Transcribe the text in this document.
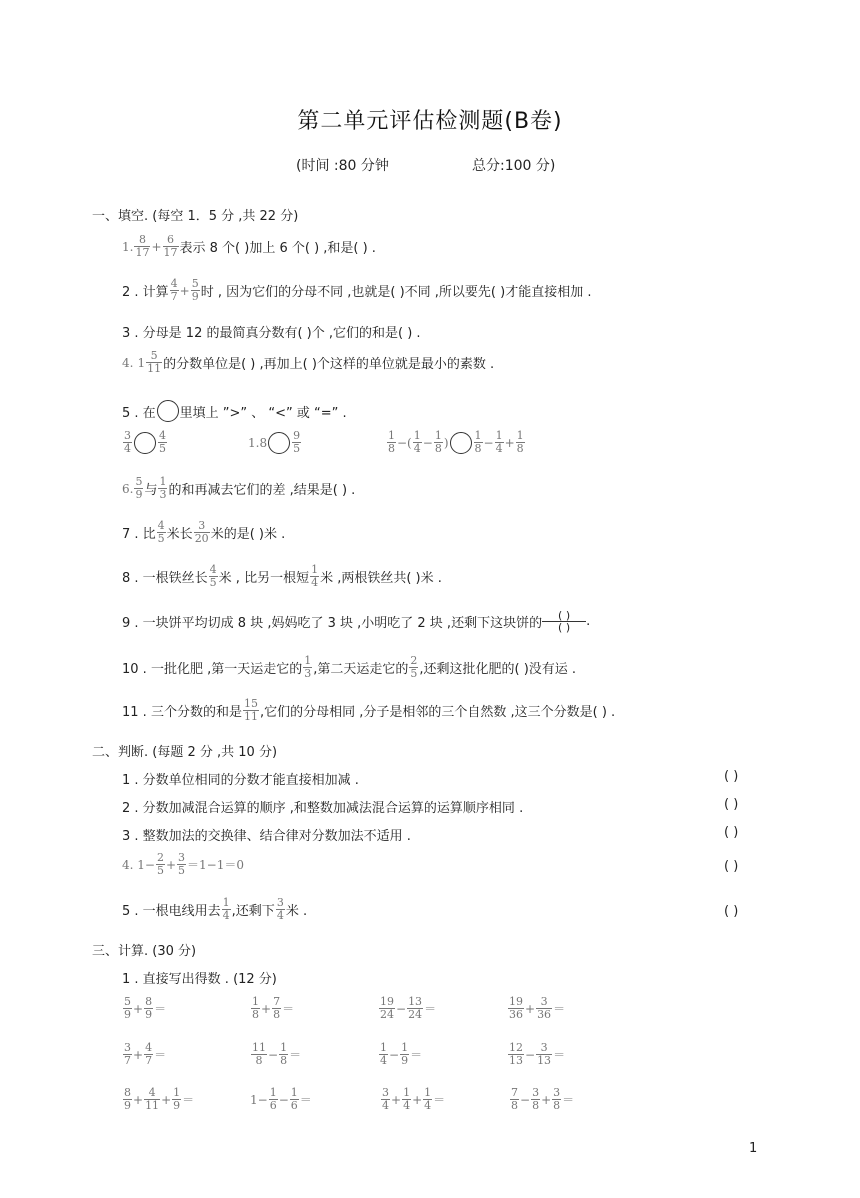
第二单元评估检测题(B卷)
(时间 :80 分钟	总分:100 分)
一、填空. (每空 1．5 分 ,共 22 分)
1. $\frac{8}{17} + \frac{6}{17}$ 表示 8 个( )加上 6 个( ) ,和是( ) .
2 . 计算 $\frac{4}{7} + \frac{5}{9}$ 时 , 因为它们的分母不同 ,也就是( )不同 ,所以要先( )才能直接相加 .
3 . 分母是 12 的最简真分数有( )个 ,它们的和是( ) .
4. $1 \frac{5}{11}$ 的分数单位是( ) ,再加上( )个这样的单位就是最小的素数 .
5 . 在 里填上 ”>” 、 “<” 或 “=” .
$\frac{3}{4} \frac{4}{5}$	$1.8 \frac{9}{5}$	$\frac{1}{8}$ −( $\frac{1}{4} - \frac{1}{8}$ ) $\frac{1}{8} - \frac{1}{4} + \frac{1}{8}$
6. $\frac{5}{9}$ 与 $\frac{1}{3}$ 的和再减去它们的差 ,结果是( ) .
7 . 比 $\frac{4}{5}$ 米长 $\frac{3}{20}$ 米的是( )米 .
8 . 一根铁丝长 $\frac{4}{5}$ 米 , 比另一根短 $\frac{1}{4}$ 米 ,两根铁丝共( )米 .
9 . 一块饼平均切成 8 块 ,妈妈吃了 3 块 ,小明吃了 2 块 ,还剩下这块饼的
( )
( ) .
10 . 一批化肥 ,第一天运走它的 $\frac{1}{3}$ ,第二天运走它的 $\frac{2}{5}$ ,还剩这批化肥的( )没有运 .
11 . 三个分数的和是 $\frac{15}{11}$ ,它们的分母相同 ,分子是相邻的三个自然数 ,这三个分数是( ) .
二、判断. (每题 2 分 ,共 10 分)
1 . 分数单位相同的分数才能直接相加减 .	( )
2 . 分数加减混合运算的顺序 ,和整数加减法混合运算的运算顺序相同 .	( )
3 . 整数加法的交换律、结合律对分数加法不适用 .	( )
4. $1- \frac{2}{5} + \frac{3}{5} =1-1=0$	( )
5 . 一根电线用去 $\frac{1}{4}$ ,还剩下 $\frac{3}{4}$ 米 .	( )
三、计算. (30 分)
1 . 直接写出得数 . (12 分)
$\frac{5}{9} + \frac{8}{9}$ ＝	$\frac{1}{8} + \frac{7}{8}$ ＝	$\frac{19}{24} - \frac{13}{24}$ ＝	$\frac{19}{36} + \frac{3}{36}$ ＝
$\frac{3}{7} + \frac{4}{7}$ ＝	$\frac{11}{8} - \frac{1}{8}$ ＝	$\frac{1}{4} - \frac{1}{9}$ ＝	$\frac{12}{13} - \frac{3}{13}$ ＝
$\frac{8}{9} + \frac{4}{11} + \frac{1}{9}$ ＝	$1- \frac{1}{6} - \frac{1}{6}$ ＝	$\frac{3}{4} + \frac{1}{4} + \frac{1}{4}$ ＝	$\frac{7}{8} - \frac{3}{8} + \frac{3}{8}$ ＝
1
